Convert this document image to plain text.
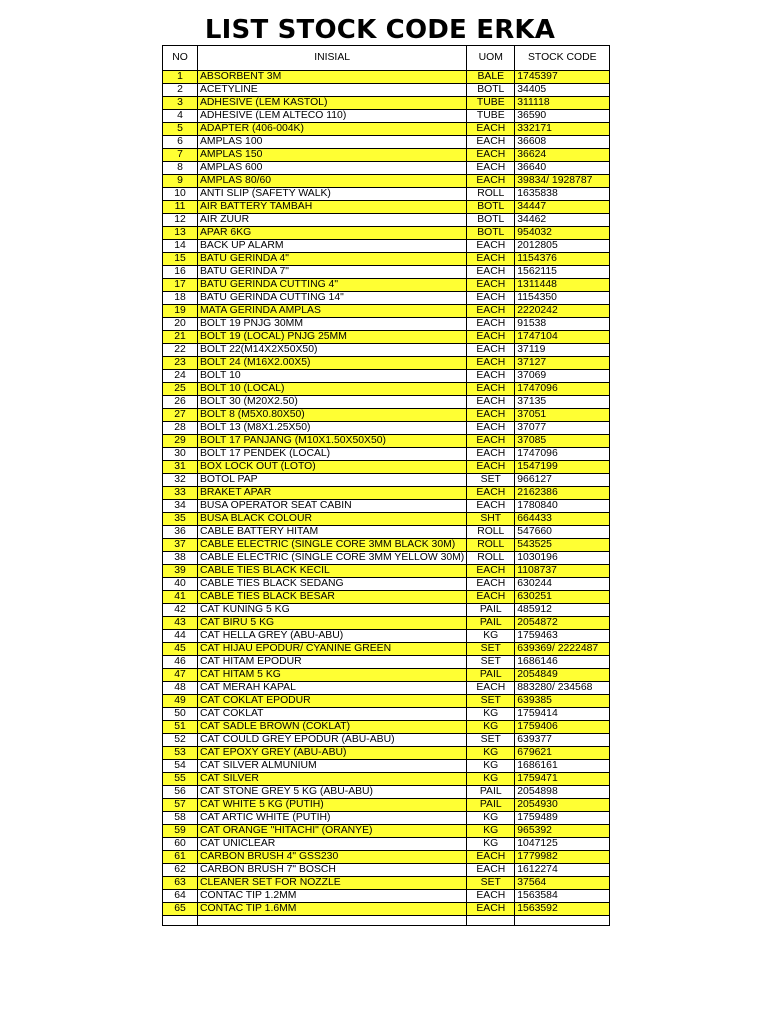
LIST STOCK CODE ERKA
NO	INISIAL	UOM	STOCK CODE
1	ABSORBENT 3M	BALE	1745397
2	ACETYLINE	BOTL	34405
3	ADHESIVE (LEM KASTOL)	TUBE	311118
4	ADHESIVE (LEM ALTECO 110)	TUBE	36590
5	ADAPTER (406-004K)	EACH	332171
6	AMPLAS 100	EACH	36608
7	AMPLAS 150	EACH	36624
8	AMPLAS 600	EACH	36640
9	AMPLAS 80/60	EACH	39834/ 1928787
10	ANTI SLIP (SAFETY WALK)	ROLL	1635838
11	AIR BATTERY TAMBAH	BOTL	34447
12	AIR ZUUR	BOTL	34462
13	APAR 6KG	BOTL	954032
14	BACK UP ALARM	EACH	2012805
15	BATU GERINDA 4"	EACH	1154376
16	BATU GERINDA 7"	EACH	1562115
17	BATU GERINDA CUTTING 4"	EACH	1311448
18	BATU GERINDA CUTTING 14"	EACH	1154350
19	MATA GERINDA AMPLAS	EACH	2220242
20	BOLT 19 PNJG 30MM	EACH	91538
21	BOLT 19 (LOCAL) PNJG 25MM	EACH	1747104
22	BOLT 22(M14X2X50X50)	EACH	37119
23	BOLT 24 (M16X2.00X5)	EACH	37127
24	BOLT 10	EACH	37069
25	BOLT 10 (LOCAL)	EACH	1747096
26	BOLT 30 (M20X2.50)	EACH	37135
27	BOLT 8 (M5X0.80X50)	EACH	37051
28	BOLT 13 (M8X1.25X50)	EACH	37077
29	BOLT 17 PANJANG (M10X1.50X50X50)	EACH	37085
30	BOLT 17 PENDEK (LOCAL)	EACH	1747096
31	BOX LOCK OUT (LOTO)	EACH	1547199
32	BOTOL PAP	SET	966127
33	BRAKET APAR	EACH	2162386
34	BUSA OPERATOR SEAT CABIN	EACH	1780840
35	BUSA BLACK COLOUR	SHT	664433
36	CABLE BATTERY HITAM	ROLL	547660
37	CABLE ELECTRIC (SINGLE CORE 3MM BLACK 30M)	ROLL	543525
38	CABLE ELECTRIC (SINGLE CORE 3MM YELLOW 30M)	ROLL	1030196
39	CABLE TIES BLACK KECIL	EACH	1108737
40	CABLE TIES BLACK SEDANG	EACH	630244
41	CABLE TIES BLACK BESAR	EACH	630251
42	CAT KUNING 5 KG	PAIL	485912
43	CAT BIRU 5 KG	PAIL	2054872
44	CAT HELLA GREY (ABU-ABU)	KG	1759463
45	CAT HIJAU EPODUR/ CYANINE GREEN	SET	639369/ 2222487
46	CAT HITAM EPODUR	SET	1686146
47	CAT HITAM 5 KG	PAIL	2054849
48	CAT MERAH KAPAL	EACH	883280/ 234568
49	CAT COKLAT EPODUR	SET	639385
50	CAT COKLAT	KG	1759414
51	CAT SADLE BROWN (COKLAT)	KG	1759406
52	CAT COULD GREY EPODUR (ABU-ABU)	SET	639377
53	CAT EPOXY GREY (ABU-ABU)	KG	679621
54	CAT SILVER ALMUNIUM	KG	1686161
55	CAT SILVER	KG	1759471
56	CAT STONE GREY 5 KG (ABU-ABU)	PAIL	2054898
57	CAT WHITE 5 KG (PUTIH)	PAIL	2054930
58	CAT ARTIC WHITE (PUTIH)	KG	1759489
59	CAT ORANGE "HITACHI" (ORANYE)	KG	965392
60	CAT UNICLEAR	KG	1047125
61	CARBON BRUSH 4" GSS230	EACH	1779982
62	CARBON BRUSH 7" BOSCH	EACH	1612274
63	CLEANER SET FOR NOZZLE	SET	37564
64	CONTAC TIP 1.2MM	EACH	1563584
65	CONTAC TIP 1.6MM	EACH	1563592
